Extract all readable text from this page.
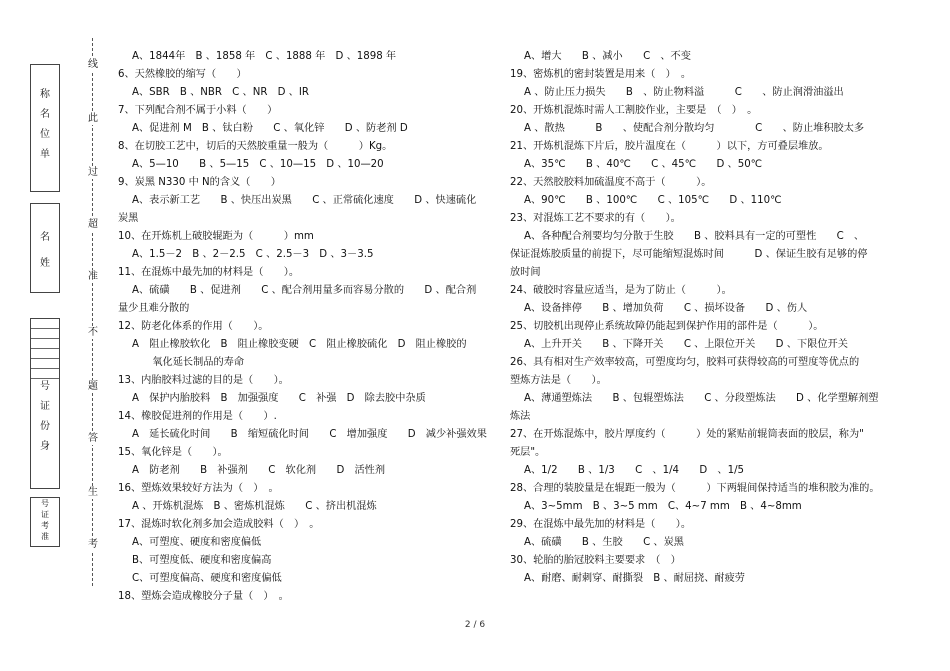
称
名
位
单
名
姓
号
证
份
身
号
证
考
准
线
此
过
超
准
不
题
答
生
考
A、1844年　B 、1858 年　C 、1888 年　D 、1898 年
6、天然橡胶的缩写（　　）
A、SBR　B 、NBR　C 、NR　D 、IR
7、下列配合剂不属于小料（　　）
A、促进剂 M　B 、钛白粉　　C 、氧化锌　　D 、防老剂 D
8、在切胶工艺中，切后的天然胶重量一般为（　　　）Kg。
A、5—10　　B 、5—15　C 、10—15　D 、10—20
9、炭黑 N330 中 N的含义（　　）
A、表示新工艺　　B 、快压出炭黑　　C 、正常硫化速度　　D 、快速硫化
炭黑
10、在开炼机上破胶辊距为（　　　）mm
A、1.5－2　B 、2－2.5　C 、2.5－3　D 、3－3.5
11、在混炼中最先加的材料是（　　）。
A、硫磺　　B 、促进剂　　C 、配合剂用量多而容易分散的　　D 、配合剂
量少且难分散的
12、防老化体系的作用（　　）。
A　阻止橡胶软化　B　阻止橡胶变硬　C　阻止橡胶硫化　D　阻止橡胶的
　　氧化延长制品的寿命
13、内胎胶料过滤的目的是（　　）。
A　保护内胎胶料　B　加强强度　　C　补强　D　除去胶中杂质
14、橡胶促进剂的作用是（　　）.
A　延长硫化时间　　B　缩短硫化时间　　C　增加强度　　D　减少补强效果
15、氧化锌是（　　）。
A　防老剂　　B　补强剂　　C　软化剂　　D　活性剂
16、塑炼效果较好方法为（　）　。
A 、开炼机混炼　B 、密炼机混炼　　C 、挤出机混炼
17、混炼时软化剂多加会造成胶料（　）　。
A、可塑度、硬度和密度偏低
B、可塑度低、硬度和密度偏高
C、可塑度偏高、硬度和密度偏低
18、塑炼会造成橡胶分子量（　）　。
A、增大　　B 、减小　　C　、不变
19、密炼机的密封装置是用来（　）　。
A 、防止压力损失　　B　、防止物料溢　　　C　　、防止润滑油溢出
20、开炼机混炼时需人工割胶作业，主要是　（　）　。
A 、散热　　　B　　、使配合剂分散均匀　　　　C　　、防止堆积胶太多
21、开炼机混炼下片后，胶片温度在（　　　）以下，方可叠层堆放。
A、35℃　　B 、40℃　　C 、45℃　　D 、50℃
22、天然胶胶料加硫温度不高于（　　　）。
A、90℃　　B 、100℃　　C 、105℃　　D 、110℃
23、对混炼工艺不要求的有（　　）。
A、各种配合剂要均匀分散于生胶　　B 、胶料具有一定的可塑性　　C　、
保证混炼胶质量的前提下，尽可能缩短混炼时间　　　D 、保证生胶有足够的停
放时间
24、破胶时容量应适当，是为了防止（　　　）。
A、设备摔停　　B 、增加负荷　　C 、损坏设备　　D 、伤人
25、切胶机出现停止系统故障仍能起到保护作用的部件是（　　　）。
A、上升开关　　B 、下降开关　　C 、上限位开关　　D 、下限位开关
26、具有相对生产效率较高，可塑度均匀，胶料可获得较高的可塑度等优点的
塑炼方法是（　　）。
A、薄通塑炼法　　B 、包辊塑炼法　　C 、分段塑炼法　　D 、化学塑解剂塑
炼法
27、在开炼混炼中，胶片厚度约（　　　）处的紧贴前辊筒表面的胶层，称为"
死层"。
A、1/2　　B 、1/3　　C　、1/4　　D　、1/5
28、合理的装胶量是在辊距一般为（　　　）下两辊间保持适当的堆积胶为准的。
A、3~5mm　B 、3~5 mm　C、4~7 mm　B 、4~8mm
29、在混炼中最先加的材料是（　　）。
A、硫磺　　B 、生胶　　C 、炭黑
30、轮胎的胎冠胶料主要要求　（　）
A、耐磨、耐刺穿、耐撕裂　B 、耐屈挠、耐疲劳
2 / 6
